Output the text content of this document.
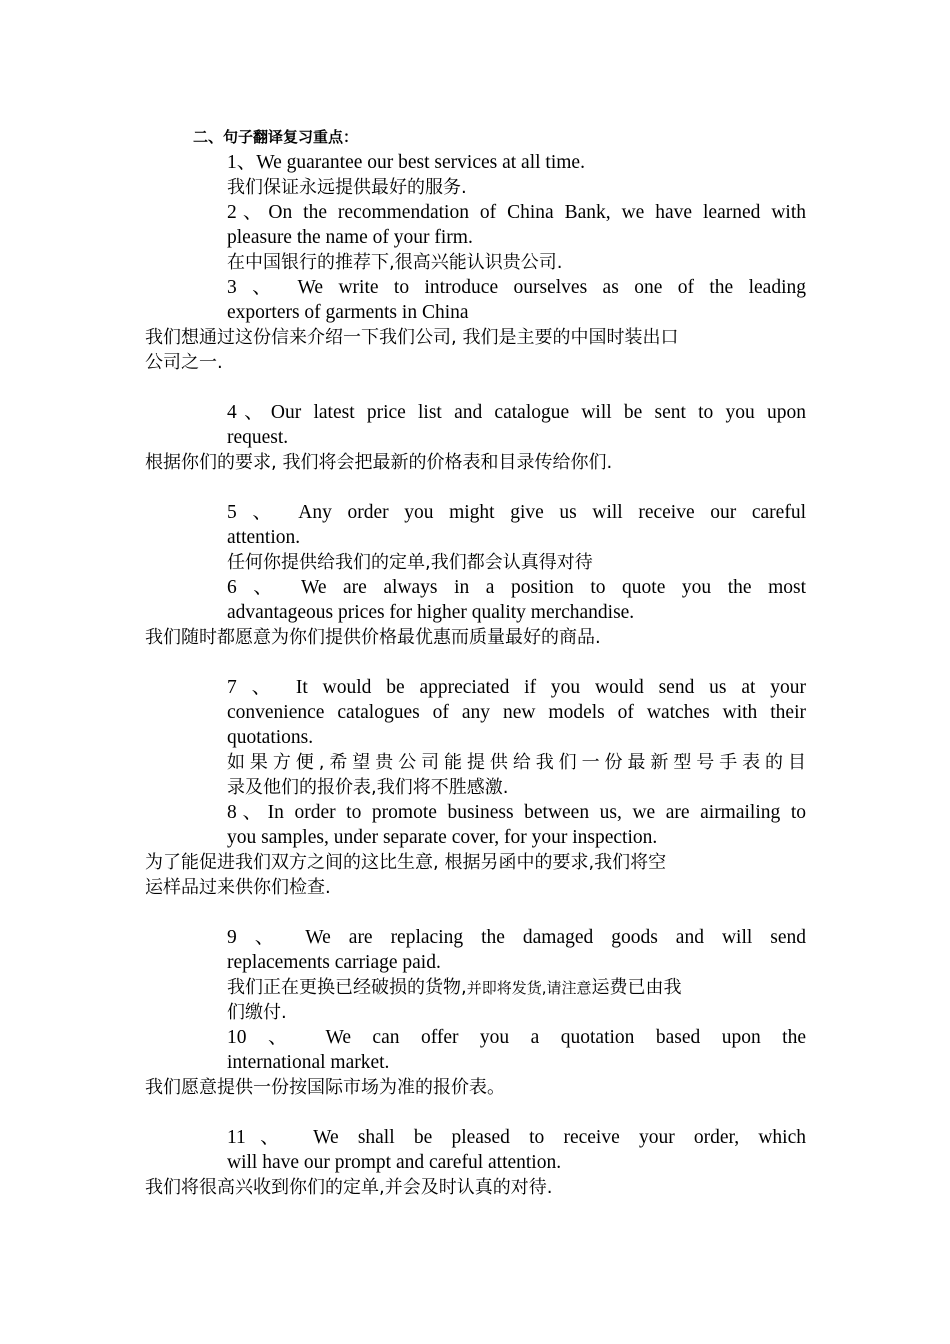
二、句子翻译复习重点：
1、We guarantee our best services at all time.
我们保证永远提供最好的服务.
2、On the recommendation of China Bank, we have learned with
pleasure the name of your firm.
在中国银行的推荐下,很高兴能认识贵公司.
3 、 We write to introduce ourselves as one of the leading
exporters of garments in China
我们想通过这份信来介绍一下我们公司, 我们是主要的中国时装出口
公司之一.
4、Our latest price list and catalogue will be sent to you upon
request.
根据你们的要求, 我们将会把最新的价格表和目录传给你们.
5 、 Any order you might give us will receive our careful
attention.
任何你提供给我们的定单,我们都会认真得对待
6 、 We are always in a position to quote you the most
advantageous prices for higher quality merchandise.
我们随时都愿意为你们提供价格最优惠而质量最好的商品.
7 、 It would be appreciated if you would send us at your
convenience catalogues of any new models of watches with their
quotations.
如果方便,希望贵公司能提供给我们一份最新型号手表的目
录及他们的报价表,我们将不胜感激.
8、In order to promote business between us, we are airmailing to
you samples, under separate cover, for your inspection.
为了能促进我们双方之间的这比生意, 根据另函中的要求,我们将空
运样品过来供你们检查.
9 、 We are replacing the damaged goods and will send
replacements carriage paid.
我们正在更换已经破损的货物,并即将发货,请注意运费已由我
们缴付.
10 、 We can offer you a quotation based upon the
international market.
我们愿意提供一份按国际市场为准的报价表。
11、 We shall be pleased to receive your order, which
will have our prompt and careful attention.
我们将很高兴收到你们的定单,并会及时认真的对待.
